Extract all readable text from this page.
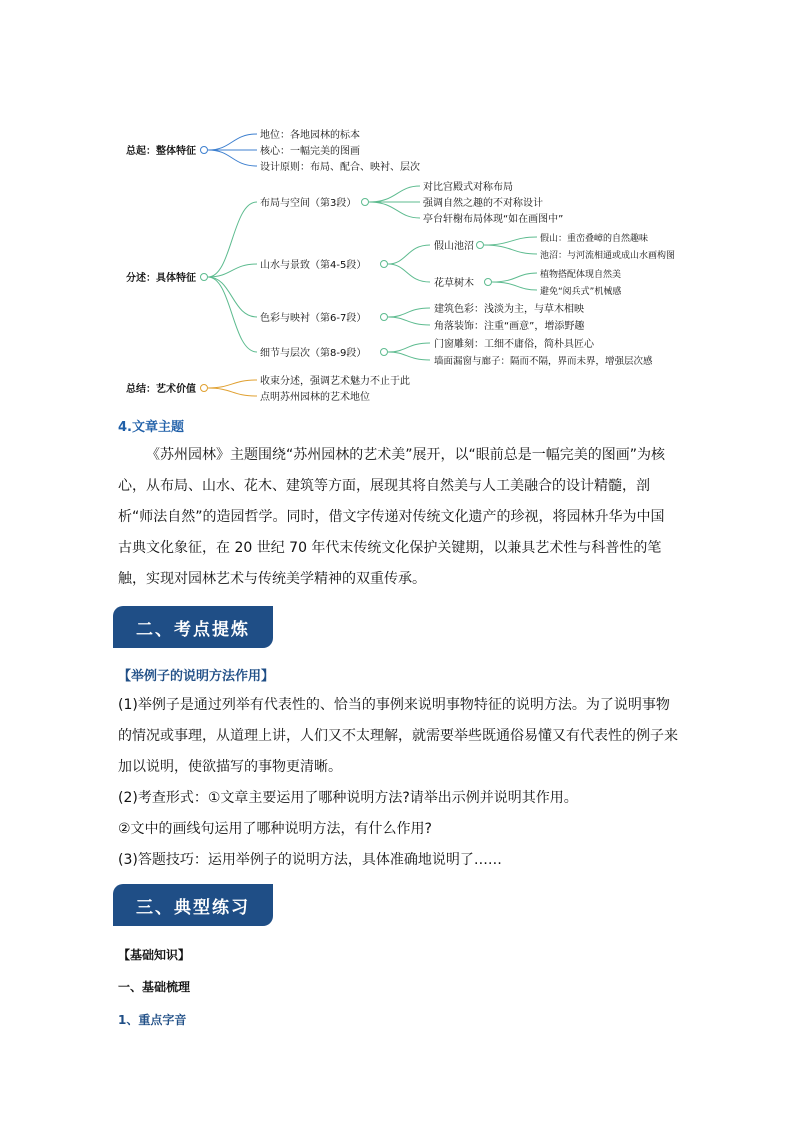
总起：整体特征
分述：具体特征
总结：艺术价值
地位：各地园林的标本
核心：一幅完美的图画
设计原则：布局、配合、映衬、层次
布局与空间（第3段）
山水与景致（第4-5段）
色彩与映衬（第6-7段）
细节与层次（第8-9段）
对比宫殿式对称布局
强调自然之趣的不对称设计
亭台轩榭布局体现“如在画图中”
假山池沼
花草树木
假山：重峦叠嶂的自然趣味
池沼：与河流相通或成山水画构图
植物搭配体现自然美
避免“阅兵式”机械感
建筑色彩：浅淡为主，与草木相映
角落装饰：注重“画意”，增添野趣
门窗雕刻：工细不庸俗，简朴具匠心
墙面漏窗与廊子：隔而不隔，界而未界，增强层次感
收束分述，强调艺术魅力不止于此
点明苏州园林的艺术地位
4.文章主题

《苏州园林》主题围绕“苏州园林的艺术美”展开，以“眼前总是一幅完美的图画”为核心，从布局、山水、花木、建筑等方面，展现其将自然美与人工美融合的设计精髓，剖析“师法自然”的造园哲学。同时，借文字传递对传统文化遗产的珍视，将园林升华为中国古典文化象征，在 20 世纪 70 年代末传统文化保护关键期，以兼具艺术性与科普性的笔触，实现对园林艺术与传统美学精神的双重传承。

二、考点提炼
【举例子的说明方法作用】

(1)举例子是通过列举有代表性的、恰当的事例来说明事物特征的说明方法。为了说明事物的情况或事理，从道理上讲，人们又不太理解，就需要举些既通俗易懂又有代表性的例子来加以说明，使欲描写的事物更清晰。

(2)考查形式：①文章主要运用了哪种说明方法?请举出示例并说明其作用。

②文中的画线句运用了哪种说明方法，有什么作用?

(3)答题技巧：运用举例子的说明方法，具体准确地说明了……

三、典型练习
【基础知识】
一、基础梳理
1、重点字音
